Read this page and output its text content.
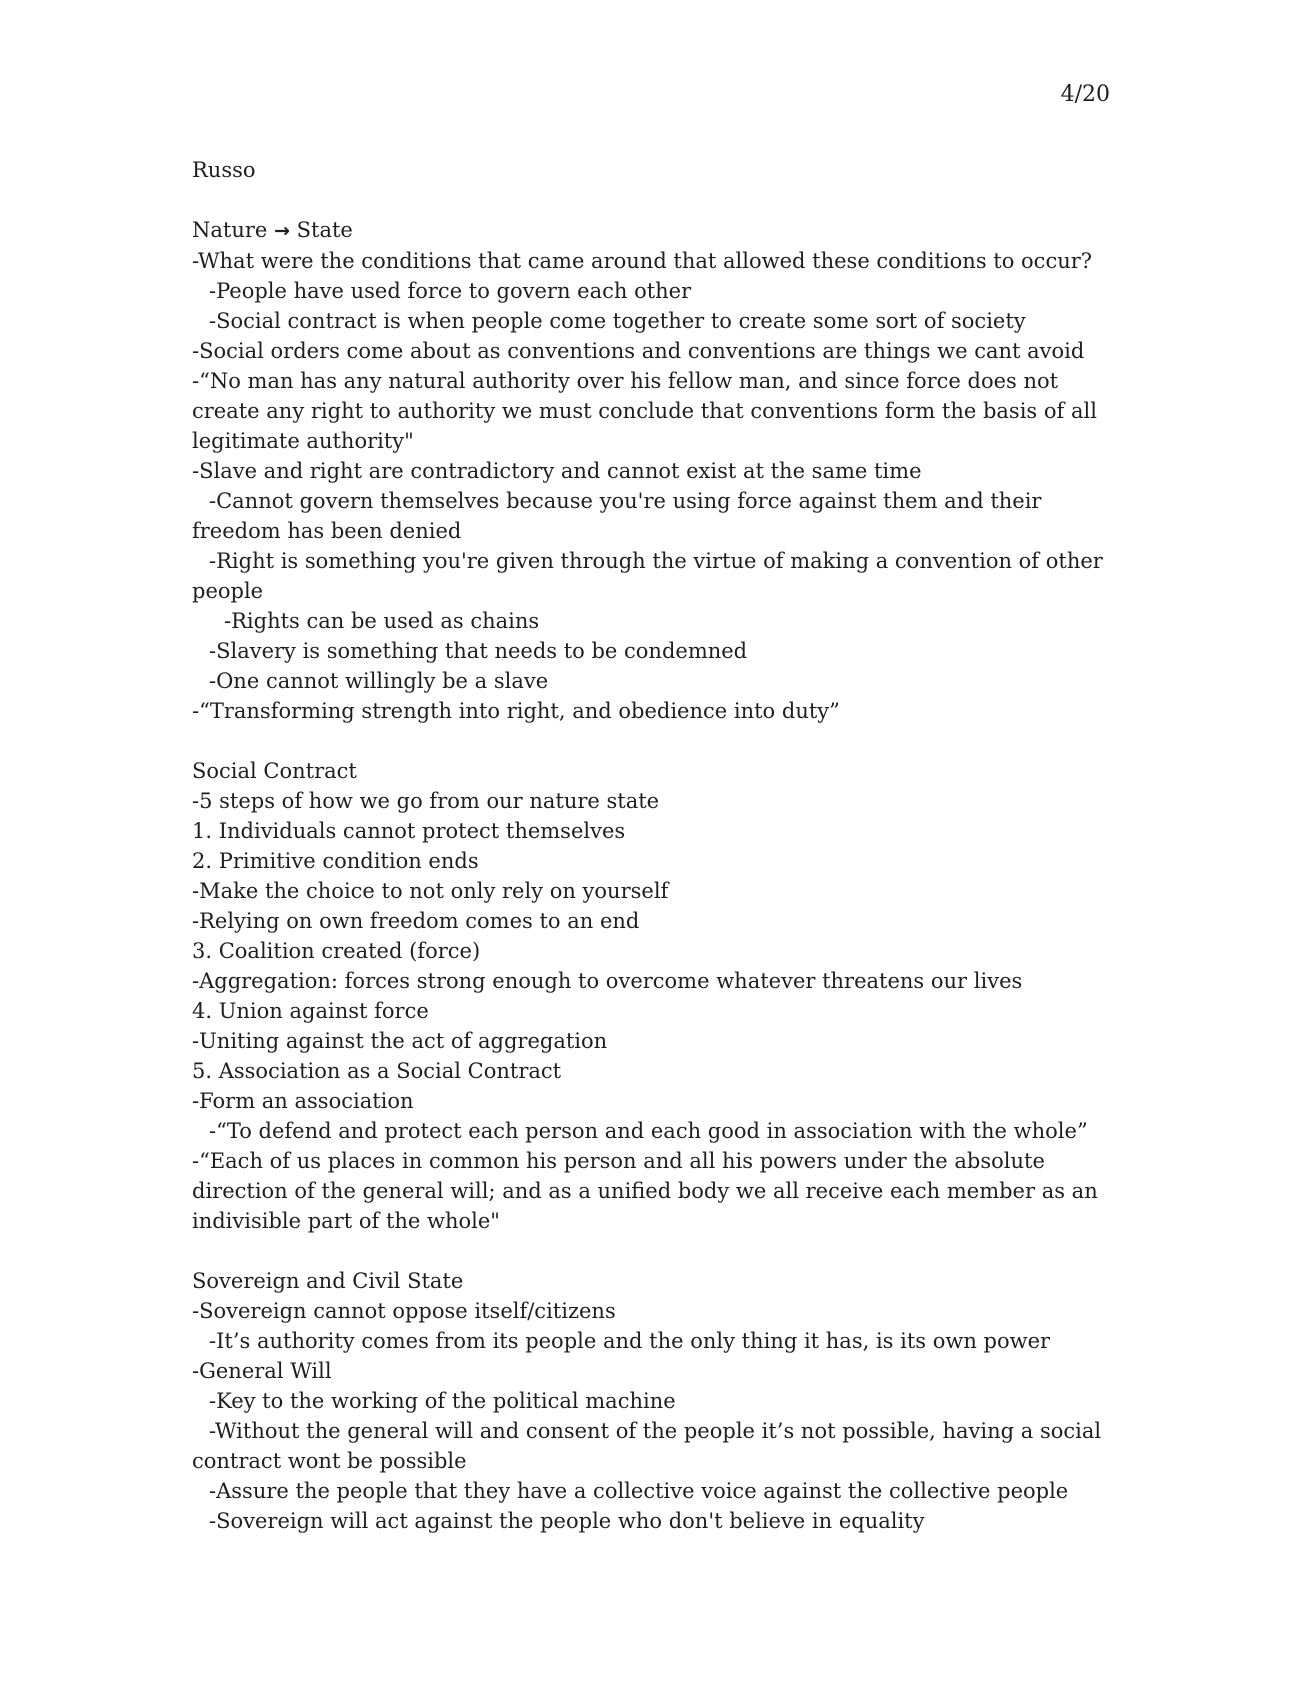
4/20
Russo
Nature → State
-What were the conditions that came around that allowed these conditions to occur?
-People have used force to govern each other
-Social contract is when people come together to create some sort of society
-Social orders come about as conventions and conventions are things we cant avoid
-“No man has any natural authority over his fellow man, and since force does not create any right to authority we must conclude that conventions form the basis of all legitimate authority"
-Slave and right are contradictory and cannot exist at the same time
-Cannot govern themselves because you're using force against them and their freedom has been denied
-Right is something you're given through the virtue of making a convention of other people
-Rights can be used as chains
-Slavery is something that needs to be condemned
-One cannot willingly be a slave
-“Transforming strength into right, and obedience into duty”
Social Contract
-5 steps of how we go from our nature state
1. Individuals cannot protect themselves
2. Primitive condition ends
-Make the choice to not only rely on yourself
-Relying on own freedom comes to an end
3. Coalition created (force)
-Aggregation: forces strong enough to overcome whatever threatens our lives
4. Union against force
-Uniting against the act of aggregation
5. Association as a Social Contract
-Form an association
-“To defend and protect each person and each good in association with the whole”
-“Each of us places in common his person and all his powers under the absolute direction of the general will; and as a unified body we all receive each member as an indivisible part of the whole"
Sovereign and Civil State
-Sovereign cannot oppose itself/citizens
-It’s authority comes from its people and the only thing it has, is its own power
-General Will
-Key to the working of the political machine
-Without the general will and consent of the people it’s not possible, having a social contract wont be possible
-Assure the people that they have a collective voice against the collective people
-Sovereign will act against the people who don't believe in equality
